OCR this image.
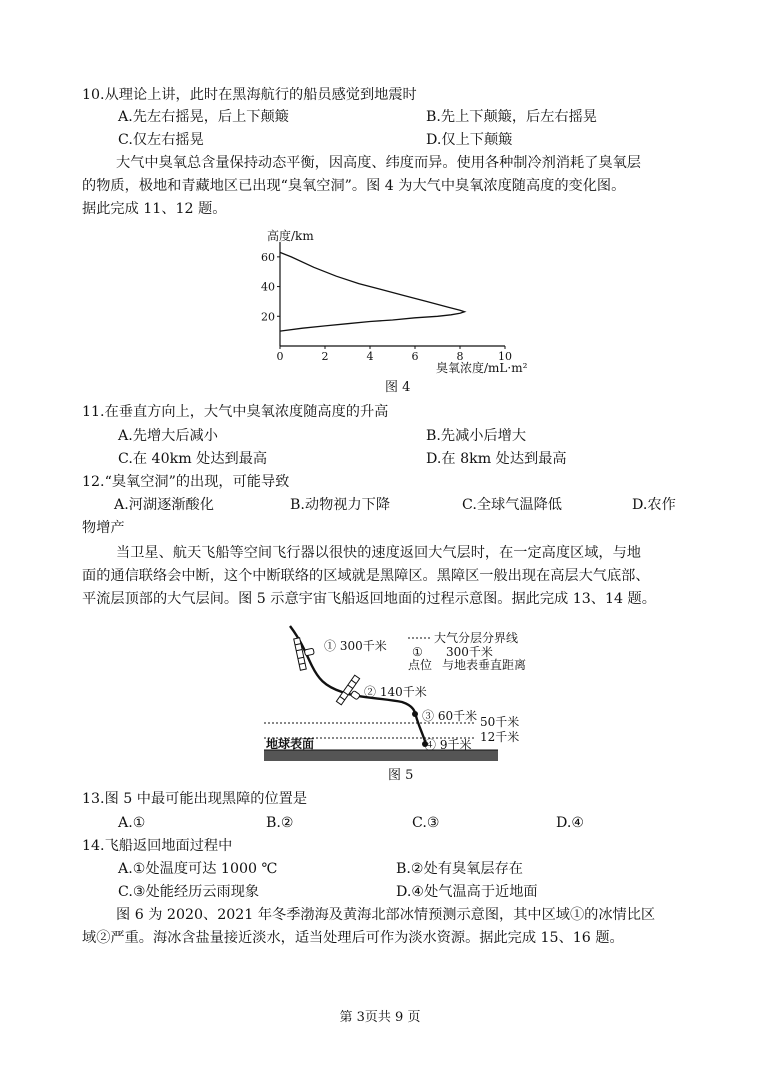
10.从理论上讲，此时在黑海航行的船员感觉到地震时
A.先左右摇晃，后上下颠簸	B.先上下颠簸，后左右摇晃
C.仅左右摇晃	D.仅上下颠簸
大气中臭氧总含量保持动态平衡，因高度、纬度而异。使用各种制冷剂消耗了臭氧层
的物质，极地和青藏地区已出现“臭氧空洞”。图 4 为大气中臭氧浓度随高度的变化图。
据此完成 11、12 题。
高度/km
臭氧浓度/mL·m²
20
40
60
0	2	4	6	8	10
图 4
11.在垂直方向上，大气中臭氧浓度随高度的升高
A.先增大后减小	B.先减小后增大
C.在 40km 处达到最高	D.在 8km 处达到最高
12.“臭氧空洞”的出现，可能导致
A.河湖逐渐酸化	B.动物视力下降	C.全球气温降低	D.农作
物增产
当卫星、航天飞船等空间飞行器以很快的速度返回大气层时，在一定高度区域，与地
面的通信联络会中断，这个中断联络的区域就是黑障区。黑障区一般出现在高层大气底部、
平流层顶部的大气层间。图 5 示意宇宙飞船返回地面的过程示意图。据此完成 13、14 题。
地球表面
50千米
12千米
① 300千米
② 140千米
③ 60千米
④ 9千米
大气分层分界线
① 300千米
点位 与地表垂直距离
图 5
13.图 5 中最可能出现黑障的位置是
A.①	B.②	C.③	D.④
14.飞船返回地面过程中
A.①处温度可达 1000 ℃	B.②处有臭氧层存在
C.③处能经历云雨现象	D.④处气温高于近地面
图 6 为 2020、2021 年冬季渤海及黄海北部冰情预测示意图，其中区域①的冰情比区
域②严重。海冰含盐量接近淡水，适当处理后可作为淡水资源。据此完成 15、16 题。
第 3页共 9 页
